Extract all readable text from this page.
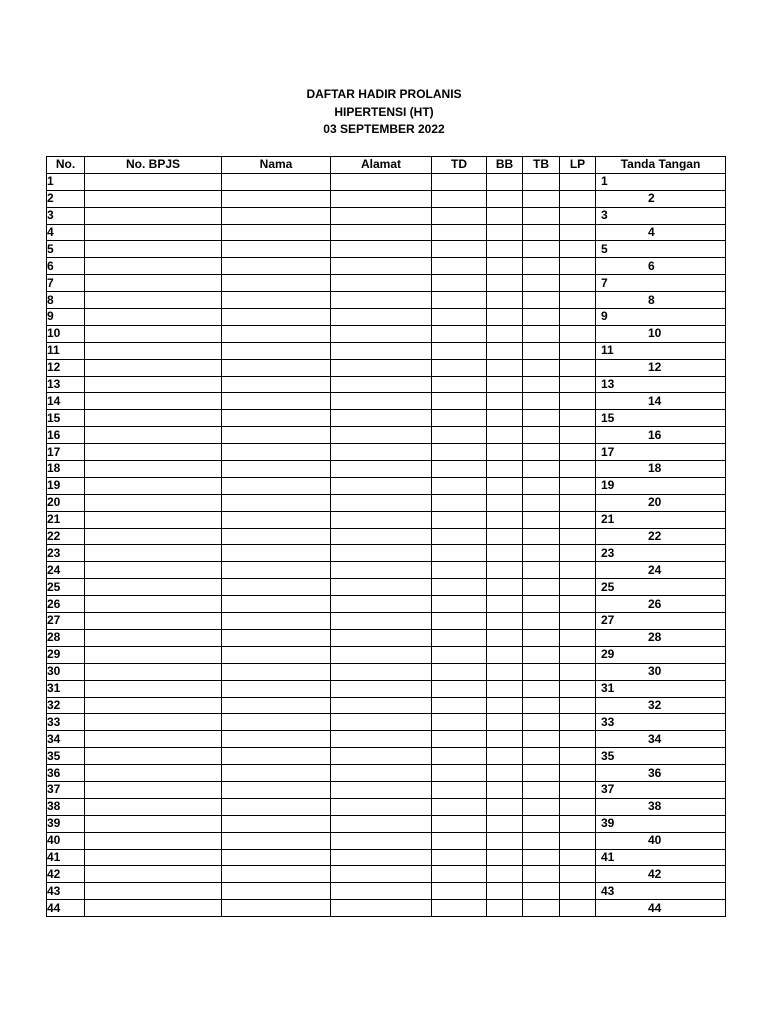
DAFTAR HADIR PROLANIS
HIPERTENSI (HT)
03 SEPTEMBER 2022
No.	No. BPJS	Nama	Alamat	TD	BB	TB	LP	Tanda Tangan
1								1
2								2
3								3
4								4
5								5
6								6
7								7
8								8
9								9
10								10
11								11
12								12
13								13
14								14
15								15
16								16
17								17
18								18
19								19
20								20
21								21
22								22
23								23
24								24
25								25
26								26
27								27
28								28
29								29
30								30
31								31
32								32
33								33
34								34
35								35
36								36
37								37
38								38
39								39
40								40
41								41
42								42
43								43
44								44
